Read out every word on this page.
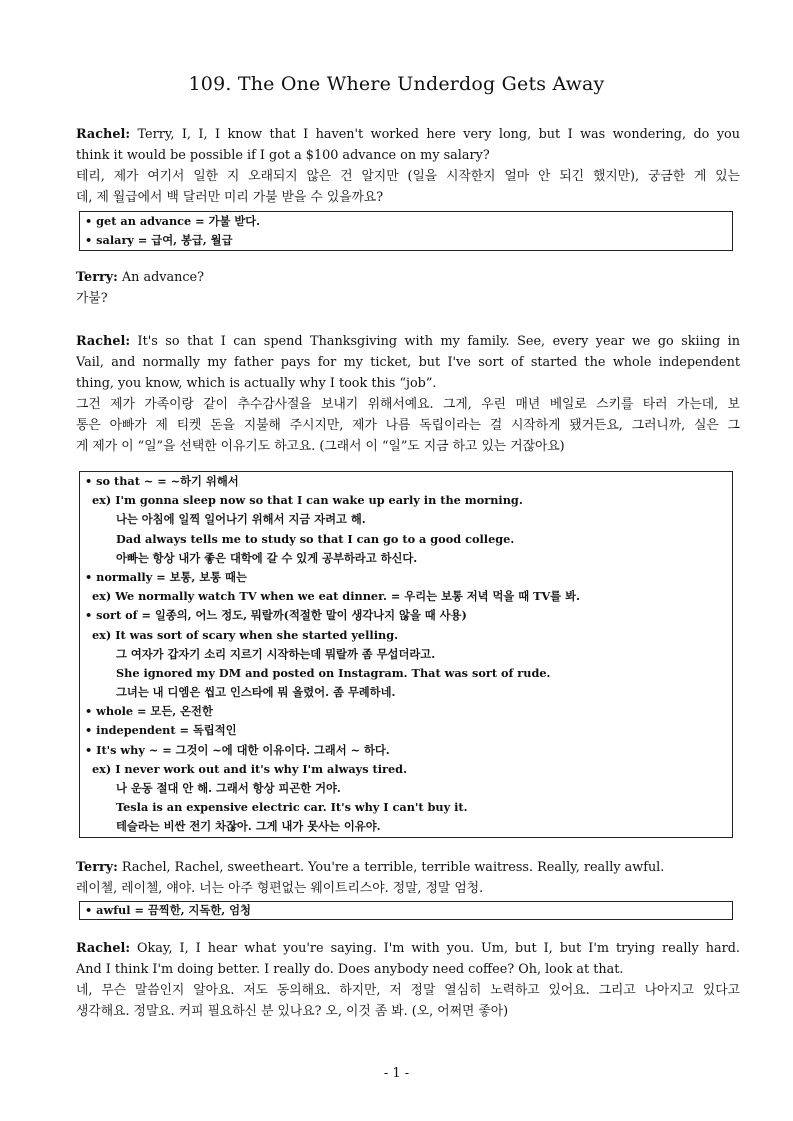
109. The One Where Underdog Gets Away
Rachel: Terry, I, I, I know that I haven't worked here very long, but I was wondering, do you
think it would be possible if I got a $100 advance on my salary?
테리, 제가 여기서 일한 지 오래되지 않은 건 알지만 (일을 시작한지 얼마 안 되긴 했지만), 궁금한 게 있는
데, 제 월급에서 백 달러만 미리 가불 받을 수 있을까요?
• get an advance = 가불 받다.
• salary = 급여, 봉급, 월급
Terry: An advance?
가불?
Rachel: It's so that I can spend Thanksgiving with my family. See, every year we go skiing in
Vail, and normally my father pays for my ticket, but I've sort of started the whole independent
thing, you know, which is actually why I took this “job”.
그건 제가 가족이랑 같이 추수감사절을 보내기 위해서예요. 그게, 우린 매년 베일로 스키를 타러 가는데, 보
통은 아빠가 제 티켓 돈을 지불해 주시지만, 제가 나름 독립이라는 걸 시작하게 됐거든요, 그러니까, 실은 그
게 제가 이 “일”을 선택한 이유기도 하고요. (그래서 이 “일”도 지금 하고 있는 거잖아요)
• so that ~ = ~하기 위해서
ex) I'm gonna sleep now so that I can wake up early in the morning.
나는 아침에 일찍 일어나기 위해서 지금 자려고 해.
Dad always tells me to study so that I can go to a good college.
아빠는 항상 내가 좋은 대학에 갈 수 있게 공부하라고 하신다.
• normally = 보통, 보통 때는
ex) We normally watch TV when we eat dinner. = 우리는 보통 저녁 먹을 때 TV를 봐.
• sort of = 일종의, 어느 정도, 뭐랄까(적절한 말이 생각나지 않을 때 사용)
ex) It was sort of scary when she started yelling.
그 여자가 갑자기 소리 지르기 시작하는데 뭐랄까 좀 무섭더라고.
She ignored my DM and posted on Instagram. That was sort of rude.
그녀는 내 디엠은 씹고 인스타에 뭐 올렸어. 좀 무례하네.
• whole = 모든, 온전한
• independent = 독립적인
• It's why ~ = 그것이 ~에 대한 이유이다. 그래서 ~ 하다.
ex) I never work out and it's why I'm always tired.
나 운동 절대 안 해. 그래서 항상 피곤한 거야.
Tesla is an expensive electric car. It's why I can't buy it.
테슬라는 비싼 전기 차잖아. 그게 내가 못사는 이유야.
Terry: Rachel, Rachel, sweetheart. You're a terrible, terrible waitress. Really, really awful.
레이첼, 레이첼, 얘야. 너는 아주 형편없는 웨이트리스야. 정말, 정말 엄청.
• awful = 끔찍한, 지독한, 엄청
Rachel: Okay, I, I hear what you're saying. I'm with you. Um, but I, but I'm trying really hard.
And I think I'm doing better. I really do. Does anybody need coffee? Oh, look at that.
네, 무슨 말씀인지 알아요. 저도 동의해요. 하지만, 저 정말 열심히 노력하고 있어요. 그리고 나아지고 있다고
생각해요. 정말요. 커피 필요하신 분 있나요? 오, 이것 좀 봐. (오, 어쩌면 좋아)
- 1 -
